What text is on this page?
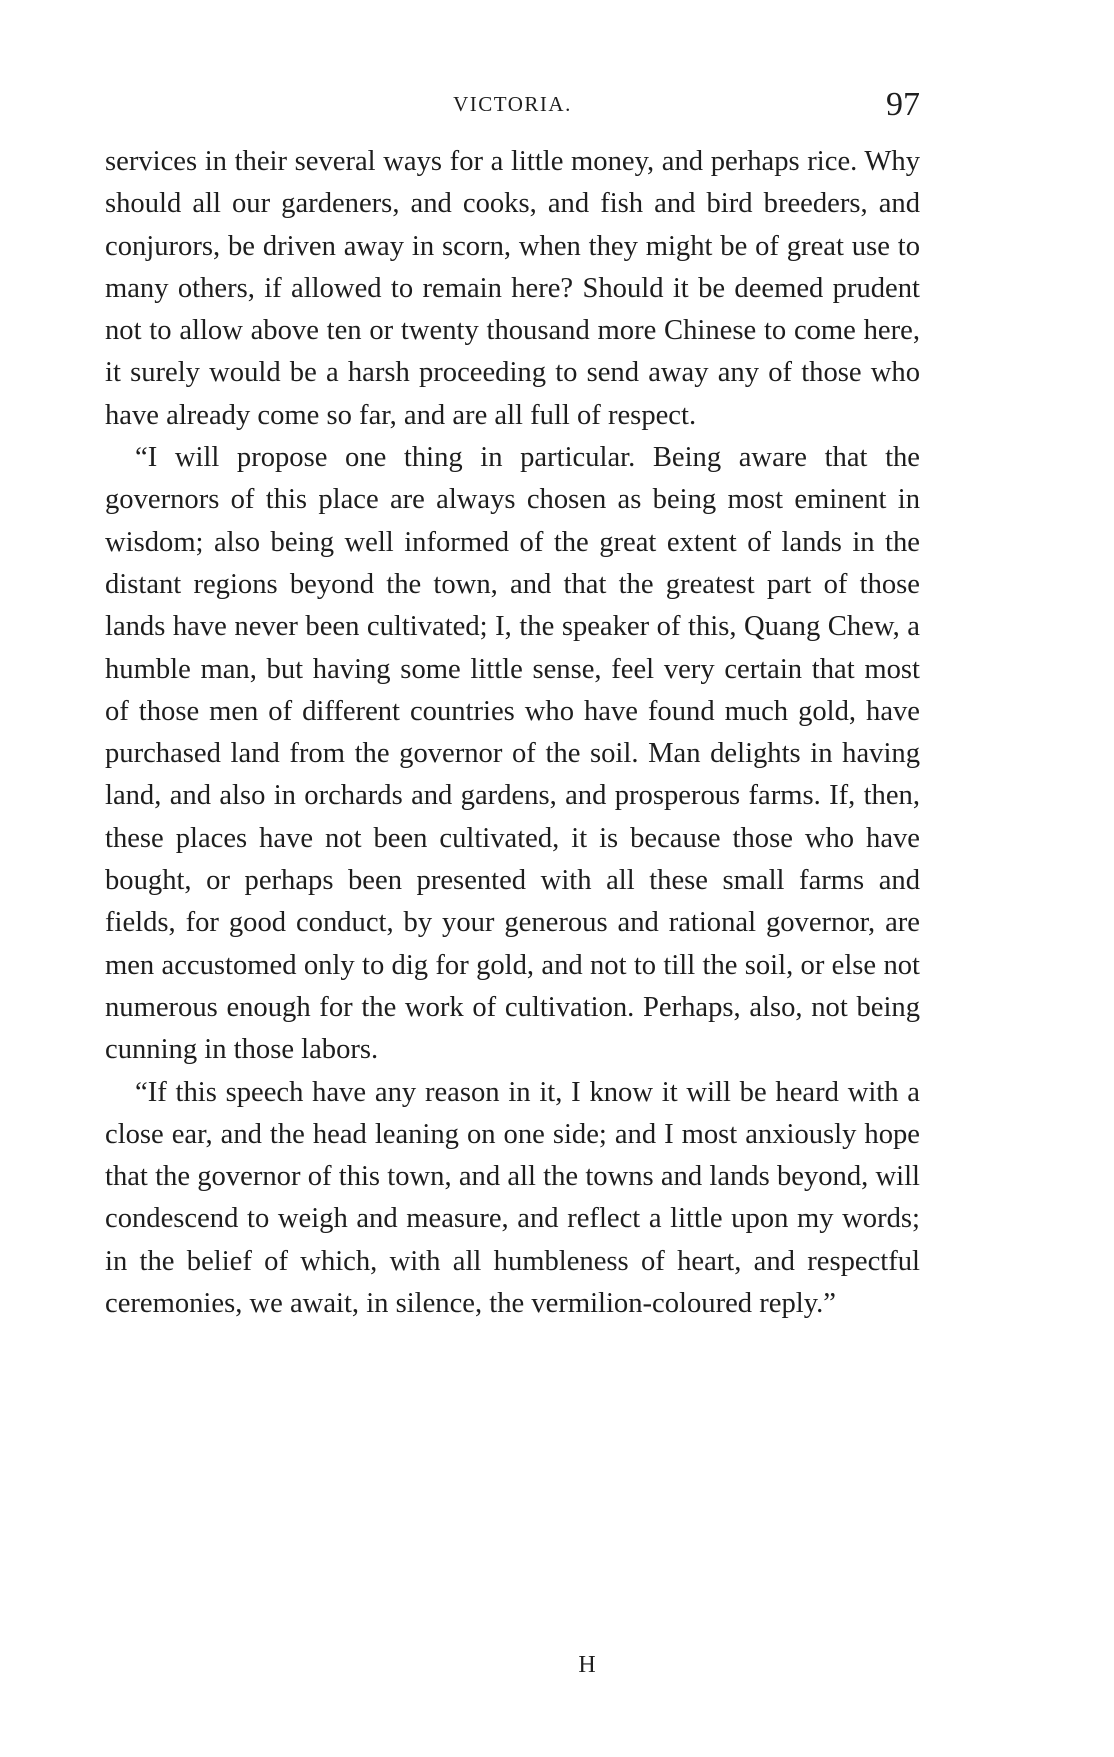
VICTORIA.	97

services in their several ways for a little money, and perhaps rice. Why should all our gardeners, and cooks, and fish and bird breeders, and conjurors, be driven away in scorn, when they might be of great use to many others, if allowed to remain here? Should it be deemed prudent not to allow above ten or twenty thousand more Chinese to come here, it surely would be a harsh proceeding to send away any of those who have already come so far, and are all full of respect.

“I will propose one thing in particular. Being aware that the governors of this place are always chosen as being most eminent in wisdom; also being well informed of the great extent of lands in the distant regions beyond the town, and that the greatest part of those lands have never been cultivated; I, the speaker of this, Quang Chew, a humble man, but having some little sense, feel very certain that most of those men of different countries who have found much gold, have purchased land from the governor of the soil. Man delights in having land, and also in orchards and gardens, and prosperous farms. If, then, these places have not been cultivated, it is because those who have bought, or perhaps been presented with all these small farms and fields, for good conduct, by your generous and rational governor, are men accustomed only to dig for gold, and not to till the soil, or else not numerous enough for the work of cultivation. Perhaps, also, not being cunning in those labors.

“If this speech have any reason in it, I know it will be heard with a close ear, and the head leaning on one side; and I most anxiously hope that the governor of this town, and all the towns and lands beyond, will condescend to weigh and measure, and reflect a little upon my words; in the belief of which, with all humbleness of heart, and respectful ceremonies, we await, in silence, the vermilion-coloured reply.”

H
